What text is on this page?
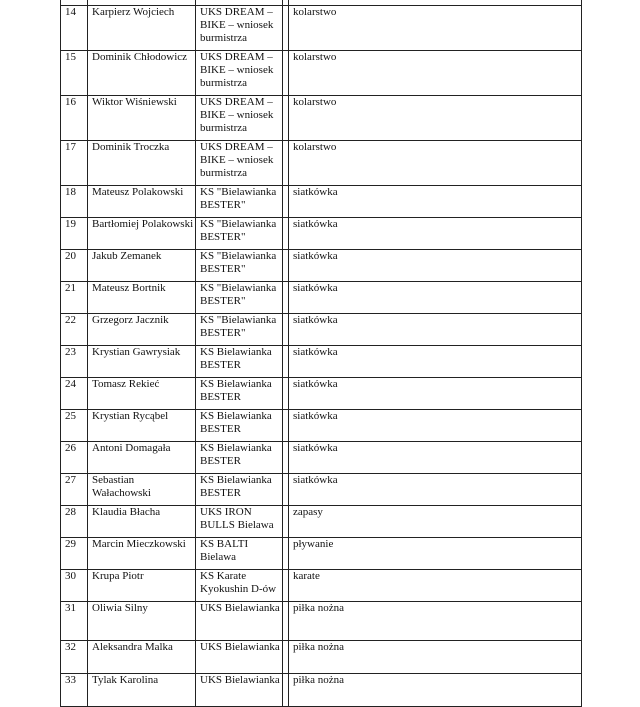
14	Karpierz Wojciech	UKS DREAM – BIKE – wniosek burmistrza		kolarstwo
15	Dominik Chłodowicz	UKS DREAM – BIKE – wniosek burmistrza		kolarstwo
16	Wiktor Wiśniewski	UKS DREAM – BIKE – wniosek burmistrza		kolarstwo
17	Dominik Troczka	UKS DREAM – BIKE – wniosek burmistrza		kolarstwo
18	Mateusz Polakowski	KS "Bielawianka BESTER"		siatkówka
19	Bartłomiej Polakowski	KS "Bielawianka BESTER"		siatkówka
20	Jakub Zemanek	KS "Bielawianka BESTER"		siatkówka
21	Mateusz Bortnik	KS "Bielawianka BESTER"		siatkówka
22	Grzegorz Jacznik	KS "Bielawianka BESTER"		siatkówka
23	Krystian Gawrysiak	KS Bielawianka BESTER		siatkówka
24	Tomasz Rekieć	KS Bielawianka BESTER		siatkówka
25	Krystian Rycąbel	KS Bielawianka BESTER		siatkówka
26	Antoni Domagała	KS Bielawianka BESTER		siatkówka
27	Sebastian Wałachowski	KS Bielawianka BESTER		siatkówka
28	Klaudia Błacha	UKS IRON BULLS Bielawa		zapasy
29	Marcin Mieczkowski	KS BALTI Bielawa		pływanie
30	Krupa Piotr	KS Karate Kyokushin D-ów		karate
31	Oliwia Silny	UKS Bielawianka		piłka nożna
32	Aleksandra Malka	UKS Bielawianka		piłka nożna
33	Tylak Karolina	UKS Bielawianka		piłka nożna
